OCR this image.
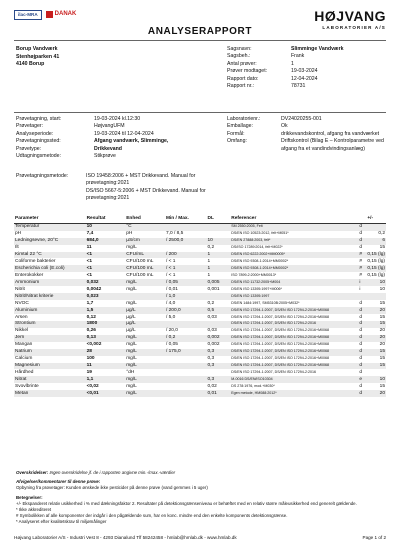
ilac-MRA	DANAK	HØJVANG
LABORATORIER A/S
ANALYSERAPPORT
Borup Vandværk
Stenhøjparken 41
4140 Borup
Sagsnavn:	Slimminge Vandværk
Sagsbeh.:	Frank
Antal prøver:	1
Prøver modtaget:	19-03-2024
Rapport dato:	12-04-2024
Rapport nr.:	78731
Prøvetagning, start:	19-03-2024 kl.12:30
Prøvetager:	HøjvangUFM
Analyseperiode:	19-03-2024 til 12-04-2024
Prøvetagningssted:	Afgang vandværk, Slimminge,
Prøvetype:	Drikkevand
Udtagningsmetode:	Stikprøve
Laboratorienr.:	DV24020255-001
Emballage:	Ok
Formål:	drikkevandskontrol, afgang fra vandværket
Omfang:	Driftskontrol (Bilag E – Kontrolparametre ved afgang fra et vandindvindingsanlæg)
Prøvetagningsmetode:	ISO 19458:2006 + MST Drikkevand. Manual for prøvetagning:2021
DS/ISO 5667-5:2006 + MST Drikkevand. Manual for prøvetagning:2021
Parameter	Resultat	Enhed	Min / Max.	DL	Referencer		+/-
Temperatur	10	°C			SM 2550:2005, Felt	d	
pH	7,4	pH	7,0 / 8,5		DS/EN ISO 10523:2012, felt+M051*	d	0,2
Ledningsevne, 20°C	684,0	µS/cm	/ 2500,0	10	DS/EN 27888:2003, felt*	d	6
Ilt	11	mg/L		0,2	DS/ISO 17289:2014, felt+M022*	d	15
Kimtal 22 °C	<1	CFU/mL	/ 200	1	DS/EN ISO 6222:2002+MM0005*	#	0,15 (lg)
Coliforme bakterier	<1	CFU/100 mL	/ < 1	1	DS/EN ISO 9308-1:2014+MM0002*	#	0,15 (lg)
Escherichia coli (E.coli)	<1	CFU/100 mL	/ < 1	1	DS/EN ISO 9308-1:2014+MM0002*	#	0,15 (lg)
Enterokokker	<1	CFU/100 mL	/ < 1	1	ISO 7899-2:2000+MM0013*	#	0,15 (lg)
Ammonium	0,032	mg/L	/ 0,05	0,005	DS/EN ISO 11732:2005+M004	i	10
Nitrit	0,0042	mg/L	/ 0,01	0,001	DS/EN ISO 13395:1997+M006*	i	10
Nitrit/Nitrat kriterie	0,023		/ 1,0		DS/EN ISO 13395:1997		
NVOC	1,7	mg/L	/ 4,0	0,2	DS/EN 1484:1997, SM5310B:2005+M032*	d	15
Aluminium	1,5	µg/L	/ 200,0	0,5	DS/EN ISO 17294-1:2007, DS/EN ISO 17294-2:2016+M0068	d	20
Arsen	0,12	µg/L	/ 5,0	0,03	DS/EN ISO 17294-1:2007, DS/EN ISO 17294-2:2016+M0068	d	15
Strontium	1800	µg/L			DS/EN ISO 17294-1:2007, DS/EN ISO 17294-2:2016	d	15
Nikkel	0,26	µg/L	/ 20,0	0,03	DS/EN ISO 17294-1:2007, DS/EN ISO 17294-2:2016+M0068	d	20
Jern	0,13	mg/L	/ 0,2	0,002	DS/EN ISO 17294-1:2007, DS/EN ISO 17294-2:2016+M0068	d	20
Mangan	<0,002	mg/L	/ 0,05	0,002	DS/EN ISO 17294-1:2007, DS/EN ISO 17294-2:2016+M0068	d	20
Natrium	28	mg/L	/ 175,0	0,3	DS/EN ISO 17294-1:2007, DS/EN ISO 17294-2:2016+M0068	d	15
Calcium	100	mg/L		0,3	DS/EN ISO 17294-1:2007, DS/EN ISO 17294-2:2016+M0068	d	15
Magnesium	11	mg/L		0,3	DS/EN ISO 17294-1:2007, DS/EN ISO 17294-2:2016+M0068	d	15
Hårdhed	19	°dH			DS/EN ISO 17294-1:2007, DS/EN ISO 17294-2:2016	d	
Nitrat	1,1	mg/L		0,3	M-0016 DS/EN/ISO10304	e	10
Svovlbrinte	<0,02	mg/L		0,02	DS 278:1976, mod.+M030*	d	15
Metan	<0,01	mg/L		0,01	Egen metode, HM088:2012*	d	20
Overskridelser: Ingen overskridelse jf. de i rapporten angivne min.-/max.-værdier
Afvigelser/kommentarer til denne prøve:
Opbyning fra prøvetager: Kunden ønskede ikke pesticider på denne prøve (vand gemmes i 5 uger)
Betegnelser:
+/- Ekspanderet relativ usikkerhed i % med dækningsfaktor 2. Resultater på detektionsgrænseniveau er behæftet med en relativ større måleusikkerhed end generelt gældende.
* Ikke akkrediteret
# Symbolikken af alle komponenter der indgår i den pågældende sum, har en konc. mindre end den enkelte komponents detektionsgrænse.
* Analyseret efter kvalitetskrav til miljømålinger
Højvang Laboratorier A/S - Industri Vest 8 - 4293 Dianalund Tlf 58242458 - hmlab@hmlab.dk - www.hmlab.dk	Page 1 of 2
